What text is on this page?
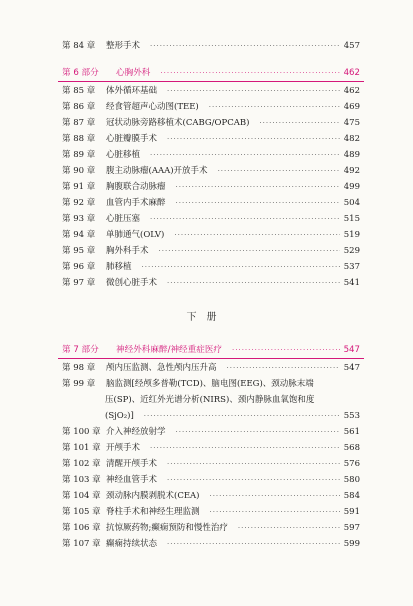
第 84 章	整形手术 ·····	457
第 6 部分	心胸外科 ·····	462
第 85 章	体外循环基础 ·····	462
第 86 章	经食管超声心动图(TEE) ·····	469
第 87 章	冠状动脉旁路移植术(CABG/OPCAB) ·····	475
第 88 章	心脏瓣膜手术 ·····	482
第 89 章	心脏移植 ·····	489
第 90 章	腹主动脉瘤(AAA)开放手术 ·····	492
第 91 章	胸腹联合动脉瘤 ·····	499
第 92 章	血管内手术麻醉 ·····	504
第 93 章	心脏压塞 ·····	515
第 94 章	单肺通气(OLV) ·····	519
第 95 章	胸外科手术 ·····	529
第 96 章	肺移植 ·····	537
第 97 章	微创心脏手术 ·····	541
下册
第 7 部分	神经外科麻醉/神经重症医疗 ·····	547
第 98 章	颅内压监测、急性颅内压升高 ·····	547
第 99 章	脑监测[经颅多普勒(TCD)、脑电图(EEG)、颈动脉末端
压(SP)、近红外光谱分析(NIRS)、颈内静脉血氧饱和度
(SjO₂)] ·····	553
第 100 章 介入神经放射学 ·····	561
第 101 章 开颅手术 ·····	568
第 102 章 清醒开颅手术 ·····	576
第 103 章 神经血管手术 ·····	580
第 104 章 颈动脉内膜剥脱术(CEA) ·····	584
第 105 章 脊柱手术和神经生理监测 ·····	591
第 106 章 抗惊厥药物;癫痫预防和慢性治疗 ·····	597
第 107 章 癫痫持续状态 ·····	599
